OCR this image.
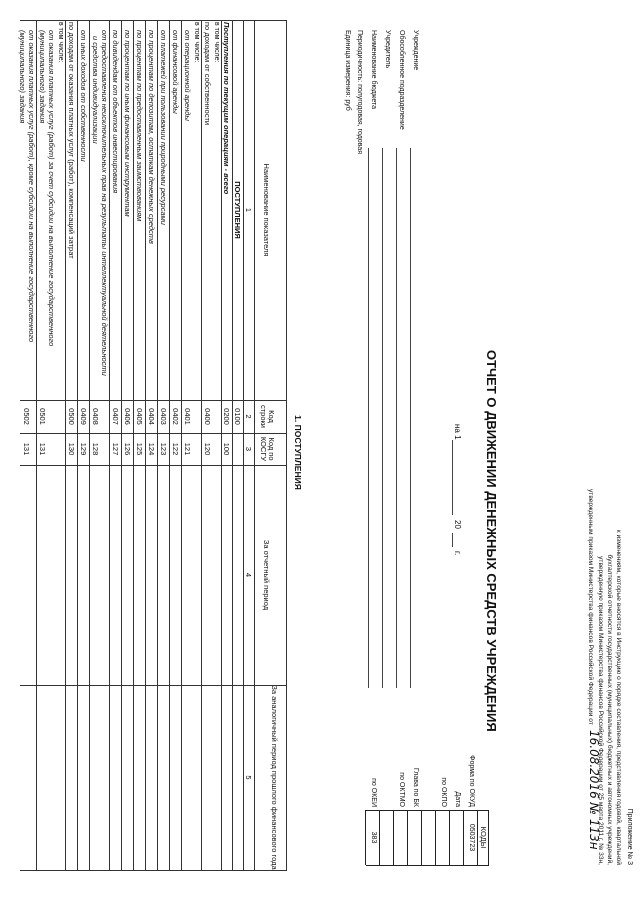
Приложение № 3
к изменениям, которые вносятся в Инструкцию о порядке составления, представления годовой, квартальной
бухгалтерской отчетности государственных (муниципальных) бюджетных и автономных учреждений,
утвержденную приказом Министерства финансов Российской Федерации от 25 марта 2011 г. № 33н,
утвержденным приказом Министерства финансов Российской Федерации от
16.08.2016 № 113н
ОТЧЕТ О ДВИЖЕНИИ ДЕНЕЖНЫХ СРЕДСТВ УЧРЕЖДЕНИЯ
на 1
20
г.
КОДЫ
Форма по ОКУД
0503723
Дата
по ОКПО
Глава по БК
по ОКТМО
по ОКЕИ
383
Учреждение
Обособленное подразделение
Учредитель
Наименование бюджета
Периодичность: полугодовая, годовая
Единица измерения: руб
1. ПОСТУПЛЕНИЯ
Наименование показателя
Код строки
Код по КОСГУ
За отчетный период
За аналогичный период прошлого финансового года
1
2
3
4
5
ПОСТУПЛЕНИЯ
0100
Поступления по текущим операциям - всего
0200
100
в том числе:
по доходам от собственности
0400
120
в том числе:
от операционной аренды
0401
121
от финансовой аренды
0402
122
от платежей при пользовании природными ресурсами
0403
123
по процентам по депозитам, остаткам денежных средств
0404
124
по процентам по предоставленным заимствованиям
0405
125
по процентам по иным финансовым инструментам
0406
126
по дивидендам от объектов инвестирования
0407
127
от предоставления неисключительных прав на результаты интеллектуальной деятельности
и средства индивидуализации
0408
128
от иных доходов от собственности
0409
129
по доходам от оказания платных услуг (работ), компенсаций затрат
0500
130
в том числе:
от оказания платных услуг (работ) за счет субсидии на выполнение государственного
(муниципального) задания
0501
131
от оказания платных услуг (работ), кроме субсидии на выполнение государственного
(муниципального) задания
0502
131
